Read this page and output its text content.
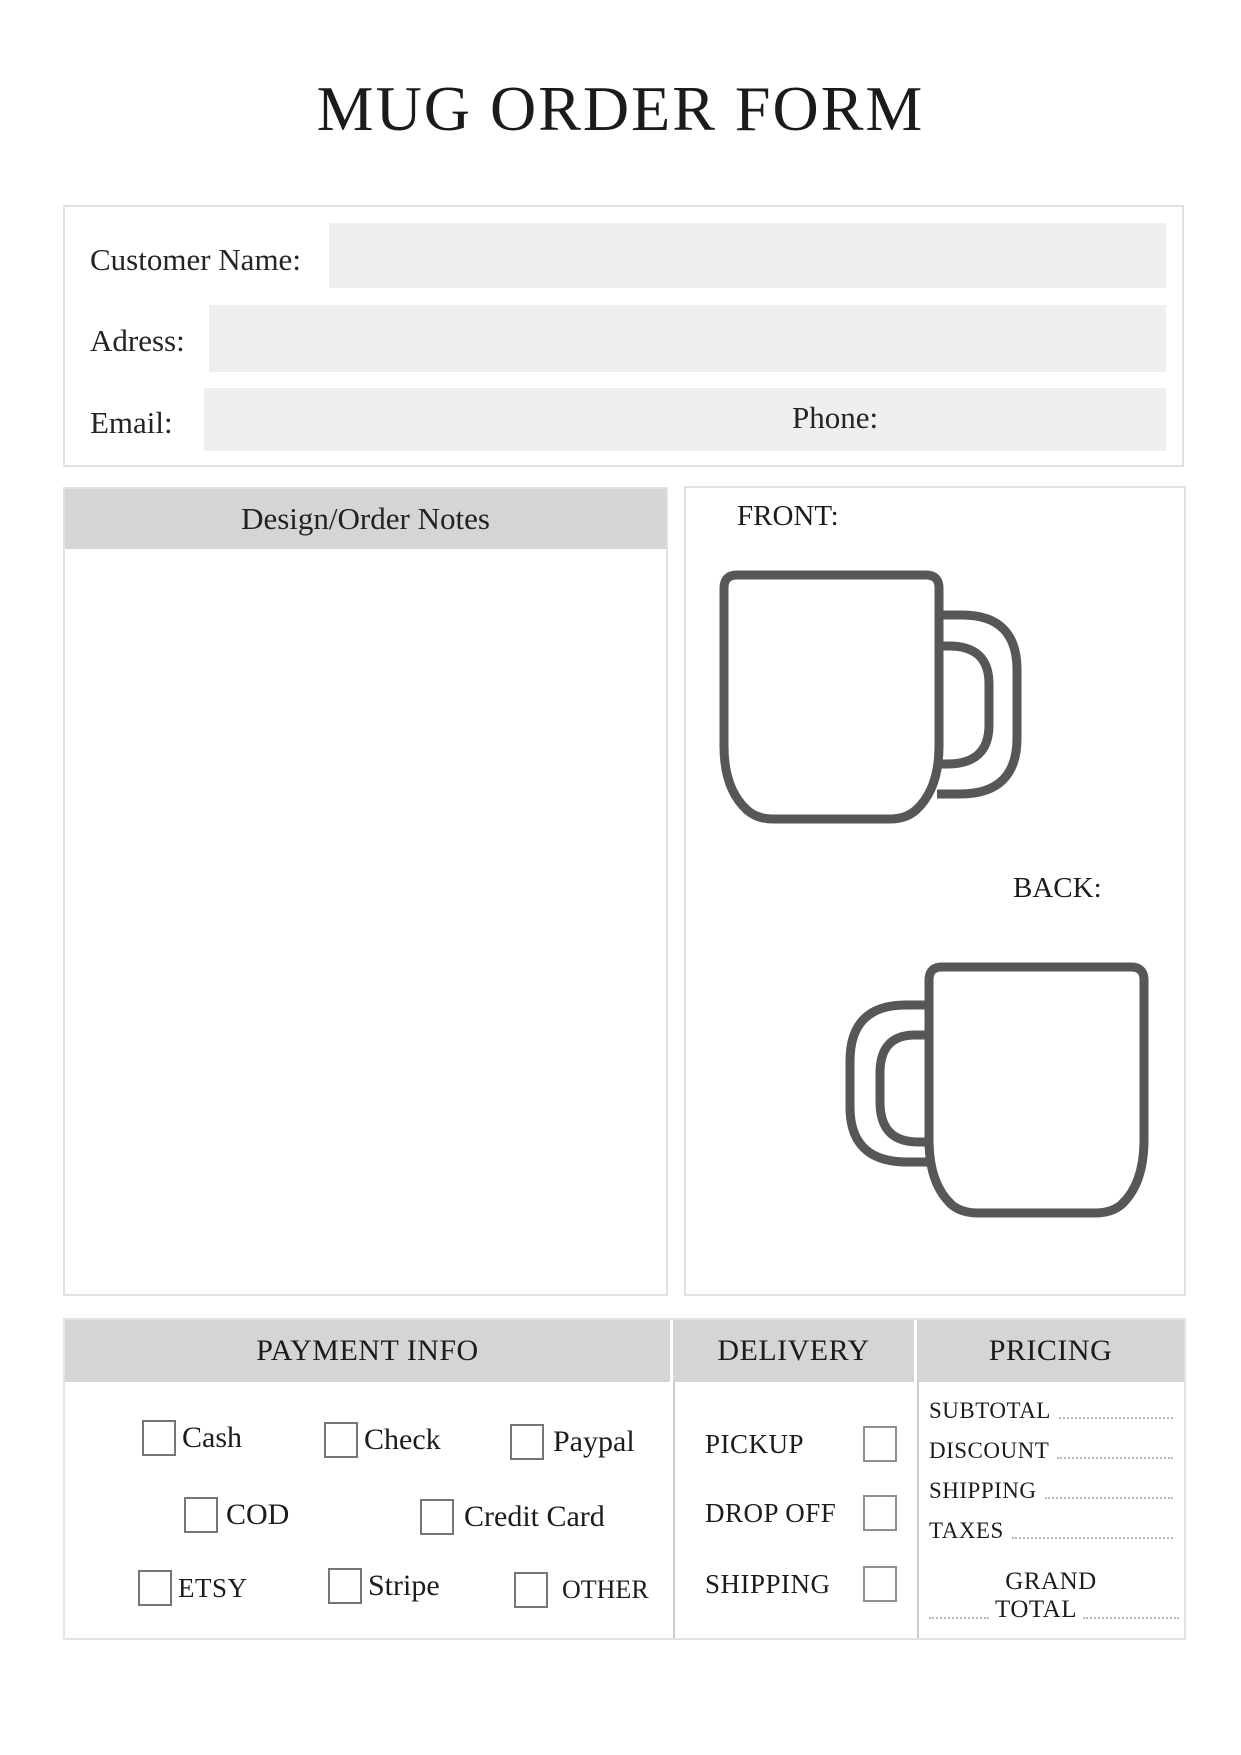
MUG ORDER FORM
Customer Name:
Adress:
Email:	Phone:
Design/Order Notes	FRONT:
BACK:
PAYMENT INFO	DELIVERY	PRICING
Cash	Check	Paypal
COD	Credit Card
ETSY	Stripe	OTHER
PICKUP
DROP OFF
SHIPPING
SUBTOTAL
DISCOUNT
SHIPPING
TAXES
GRAND
TOTAL
